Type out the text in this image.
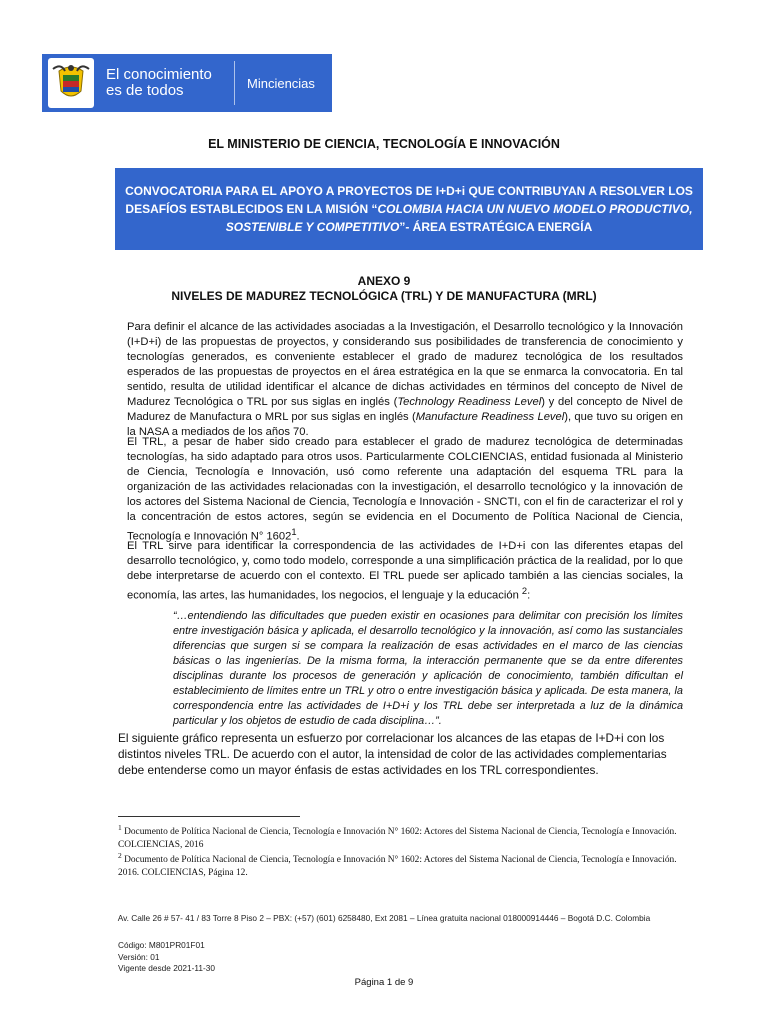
El conocimiento
es de todos	Minciencias
EL MINISTERIO DE CIENCIA, TECNOLOGÍA E INNOVACIÓN
CONVOCATORIA PARA EL APOYO A PROYECTOS DE I+D+i QUE CONTRIBUYAN A RESOLVER LOS DESAFÍOS ESTABLECIDOS EN LA MISIÓN “COLOMBIA HACIA UN NUEVO MODELO PRODUCTIVO, SOSTENIBLE Y COMPETITIVO”- ÁREA ESTRATÉGICA ENERGÍA
ANEXO 9
NIVELES DE MADUREZ TECNOLÓGICA (TRL) Y DE MANUFACTURA (MRL)
Para definir el alcance de las actividades asociadas a la Investigación, el Desarrollo tecnológico y la Innovación (I+D+i) de las propuestas de proyectos, y considerando sus posibilidades de transferencia de conocimiento y tecnologías generados, es conveniente establecer el grado de madurez tecnológica de los resultados esperados de las propuestas de proyectos en el área estratégica en la que se enmarca la convocatoria. En tal sentido, resulta de utilidad identificar el alcance de dichas actividades en términos del concepto de Nivel de Madurez Tecnológica o TRL por sus siglas en inglés (Technology Readiness Level) y del concepto de Nivel de Madurez de Manufactura o MRL por sus siglas en inglés (Manufacture Readiness Level), que tuvo su origen en la NASA a mediados de los años 70.
El TRL, a pesar de haber sido creado para establecer el grado de madurez tecnológica de determinadas tecnologías, ha sido adaptado para otros usos. Particularmente COLCIENCIAS, entidad fusionada al Ministerio de Ciencia, Tecnología e Innovación, usó como referente una adaptación del esquema TRL para la organización de las actividades relacionadas con la investigación, el desarrollo tecnológico y la innovación de los actores del Sistema Nacional de Ciencia, Tecnología e Innovación - SNCTI, con el fin de caracterizar el rol y la concentración de estos actores, según se evidencia en el Documento de Política Nacional de Ciencia, Tecnología e Innovación N° 1602$^1$.
El TRL sirve para identificar la correspondencia de las actividades de I+D+i con las diferentes etapas del desarrollo tecnológico, y, como todo modelo, corresponde a una simplificación práctica de la realidad, por lo que debe interpretarse de acuerdo con el contexto. El TRL puede ser aplicado también a las ciencias sociales, la economía, las artes, las humanidades, los negocios, el lenguaje y la educación $^2$:
“…entendiendo las dificultades que pueden existir en ocasiones para delimitar con precisión los límites entre investigación básica y aplicada, el desarrollo tecnológico y la innovación, así como las sustanciales diferencias que surgen si se compara la realización de esas actividades en el marco de las ciencias básicas o las ingenierías. De la misma forma, la interacción permanente que se da entre diferentes disciplinas durante los procesos de generación y aplicación de conocimiento, también dificultan el establecimiento de límites entre un TRL y otro o entre investigación básica y aplicada. De esta manera, la correspondencia entre las actividades de I+D+i y los TRL debe ser interpretada a luz de la dinámica particular y los objetos de estudio de cada disciplina…”.
El siguiente gráfico representa un esfuerzo por correlacionar los alcances de las etapas de I+D+i con los distintos niveles TRL. De acuerdo con el autor, la intensidad de color de las actividades complementarias debe entenderse como un mayor énfasis de estas actividades en los TRL correspondientes.
$^1$ Documento de Política Nacional de Ciencia, Tecnología e Innovación N° 1602: Actores del Sistema Nacional de Ciencia, Tecnología e Innovación. COLCIENCIAS, 2016
$^2$ Documento de Política Nacional de Ciencia, Tecnología e Innovación N° 1602: Actores del Sistema Nacional de Ciencia, Tecnología e Innovación. 2016. COLCIENCIAS, Página 12.
Av. Calle 26 # 57- 41 / 83 Torre 8 Piso 2 – PBX: (+57) (601) 6258480, Ext 2081 – Línea gratuita nacional 018000914446 – Bogotá D.C. Colombia
Código: M801PR01F01
Versión: 01
Vigente desde 2021-11-30
Página 1 de 9
